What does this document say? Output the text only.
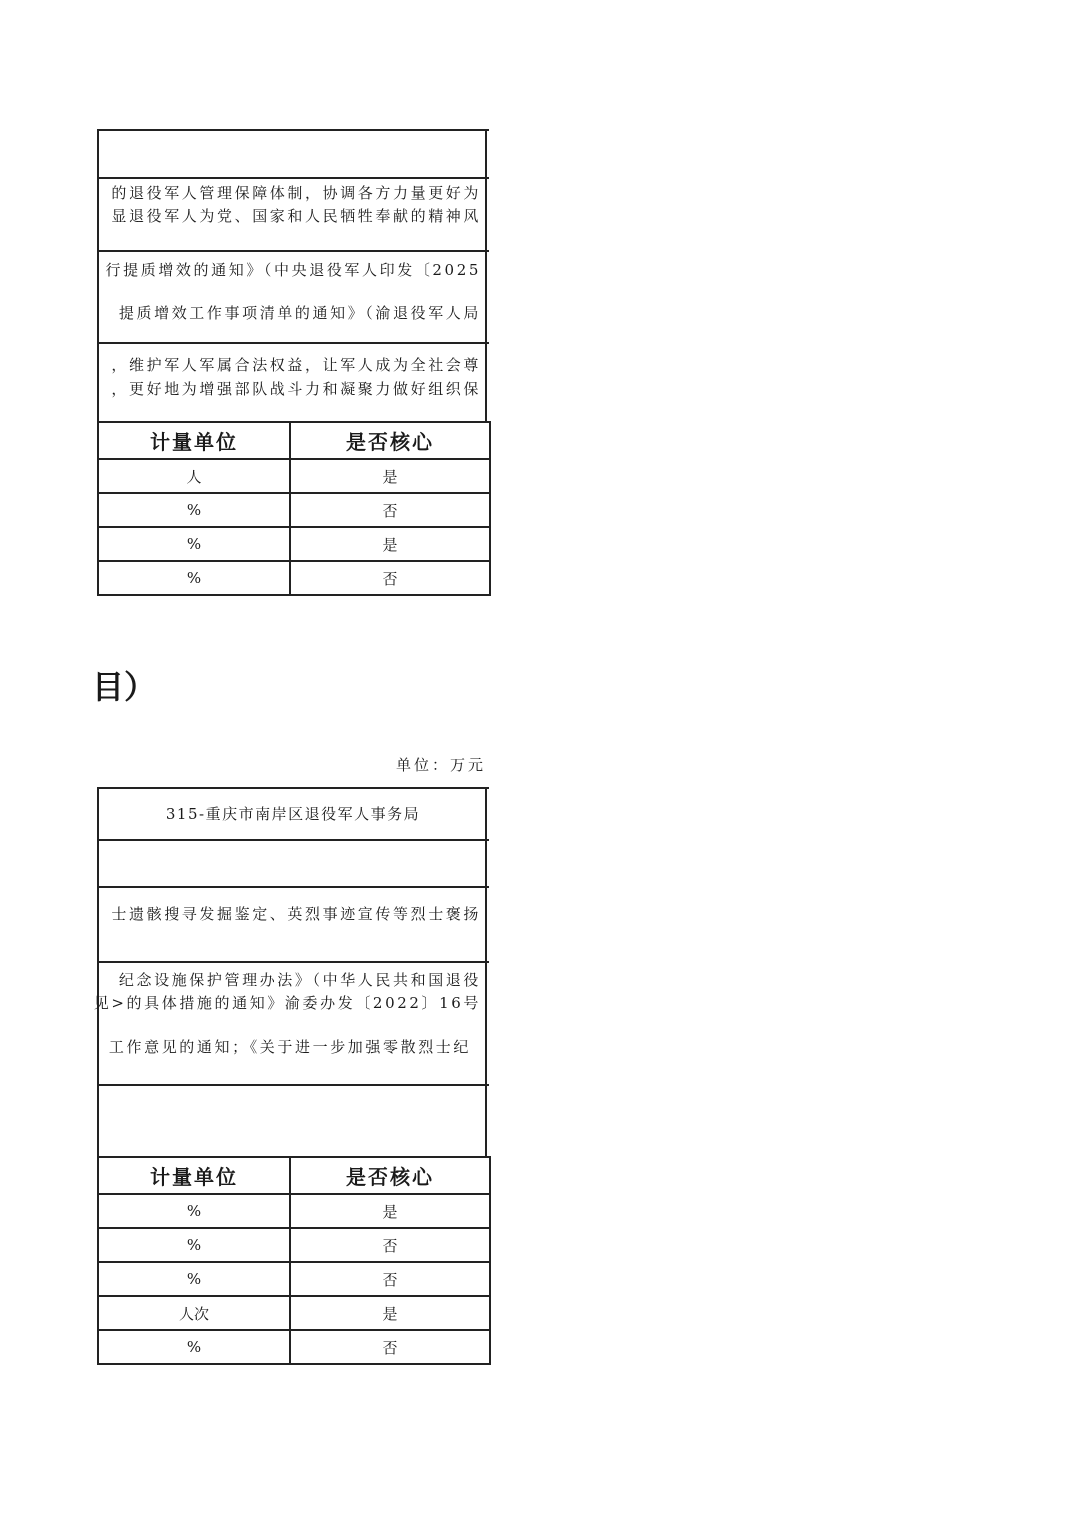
的退役军人管理保障体制，协调各方力量更好为
显退役军人为党、国家和人民牺牲奉献的精神风
行提质增效的通知》（中央退役军人印发〔2025
提质增效工作事项清单的通知》（渝退役军人局
，维护军人军属合法权益，让军人成为全社会尊
，更好地为增强部队战斗力和凝聚力做好组织保
计量单位	是否核心
人	是
%	否
%	是
%	否
目）
单位：万元
315-重庆市南岸区退役军人事务局
士遗骸搜寻发掘鉴定、英烈事迹宣传等烈士褒扬
纪念设施保护管理办法》（中华人民共和国退役
见>的具体措施的通知》渝委办发〔2022〕16号
工作意见的通知；《关于进一步加强零散烈士纪
计量单位	是否核心
%	是
%	否
%	否
人次	是
%	否
